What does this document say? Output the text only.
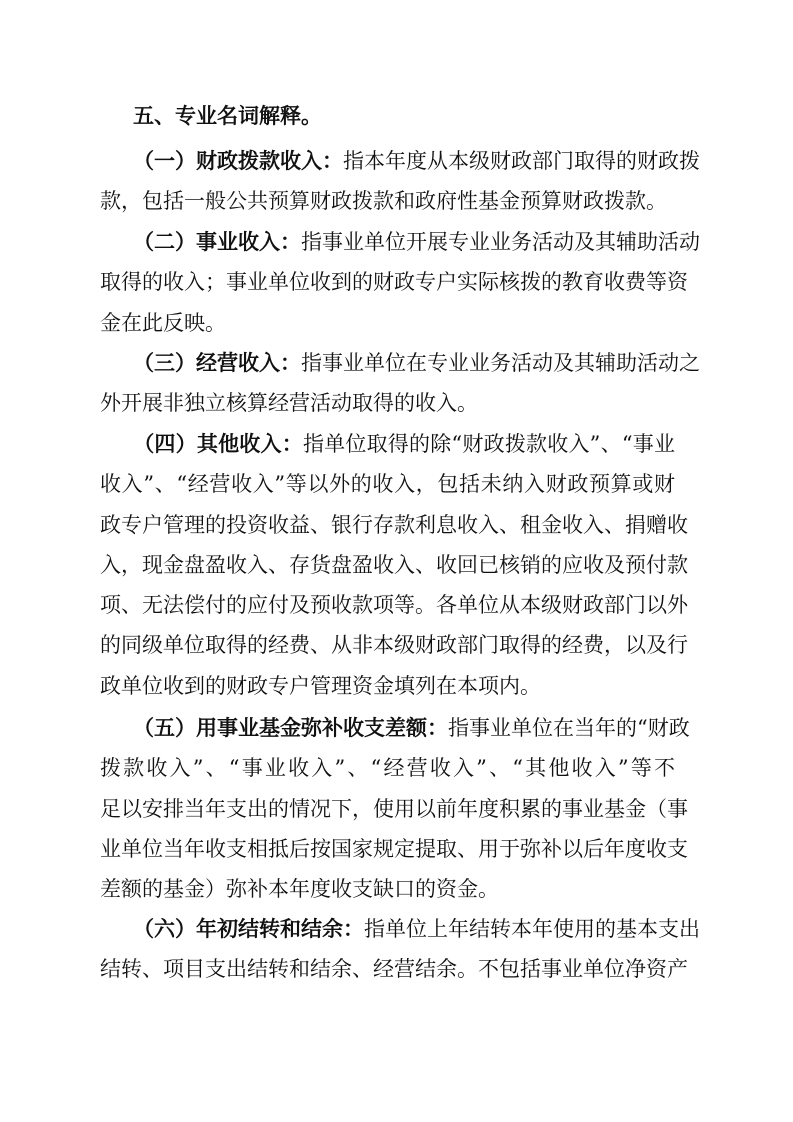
五、专业名词解释。

（一）财政拨款收入：指本年度从本级财政部门取得的财政拨
款，包括一般公共预算财政拨款和政府性基金预算财政拨款。

（二）事业收入：指事业单位开展专业业务活动及其辅助活动 取得的收入；事业单位收到的财政专户实际核拨的教育收费等资
金在此反映。

（三）经营收入：指事业单位在专业业务活动及其辅助活动之
外开展非独立核算经营活动取得的收入。

（四）其他收入：指单位取得的除“财政拨款收入”、“事业 收入”、“经营收入”等以外的收入，包括未纳入财政预算或财 政专户管理的投资收益、银行存款利息收入、租金收入、捐赠收 入，现金盘盈收入、存货盘盈收入、收回已核销的应收及预付款 项、无法偿付的应付及预收款项等。各单位从本级财政部门以外 的同级单位取得的经费、从非本级财政部门取得的经费，以及行
政单位收到的财政专户管理资金填列在本项内。

（五）用事业基金弥补收支差额：指事业单位在当年的“财政 拨款收入”、“事业收入”、“经营收入”、“其他收入”等不 足以安排当年支出的情况下，使用以前年度积累的事业基金（事 业单位当年收支相抵后按国家规定提取、用于弥补以后年度收支
差额的基金）弥补本年度收支缺口的资金。

（六）年初结转和结余：指单位上年结转本年使用的基本支出 结转、项目支出结转和结余、经营结余。不包括事业单位净资产
